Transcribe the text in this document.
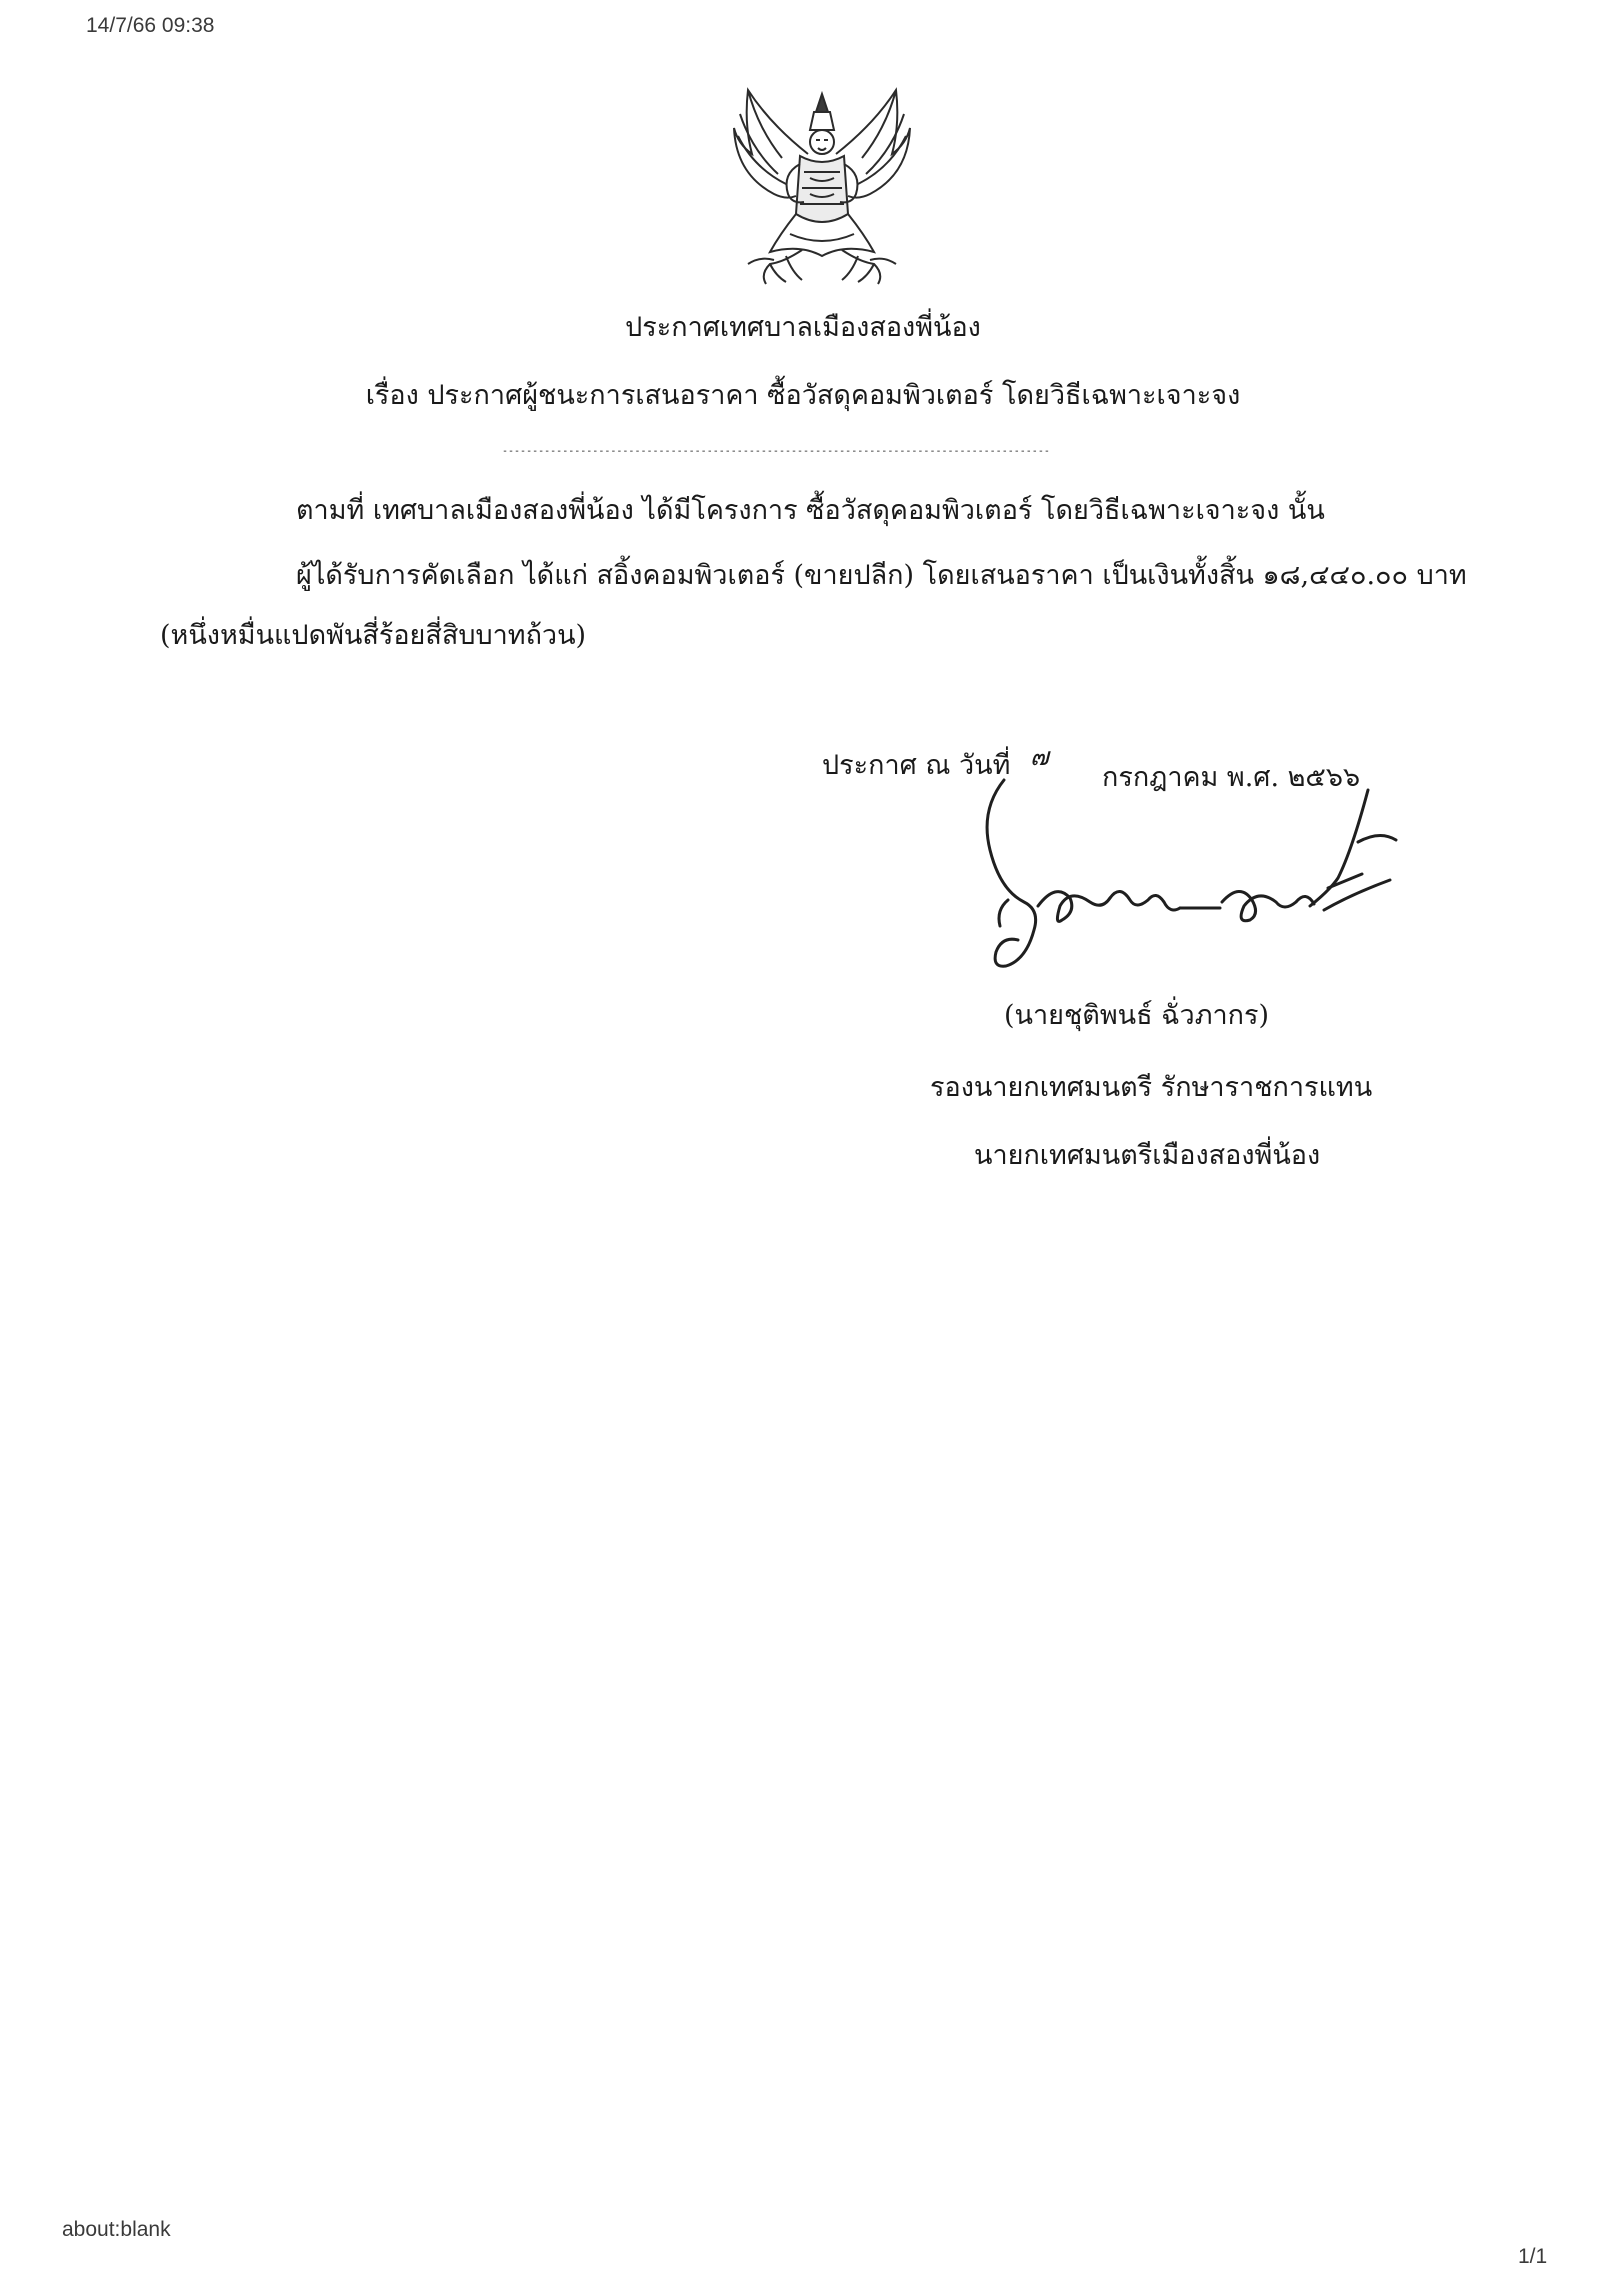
14/7/66 09:38
ประกาศเทศบาลเมืองสองพี่น้อง
เรื่อง ประกาศผู้ชนะการเสนอราคา ซื้อวัสดุคอมพิวเตอร์ โดยวิธีเฉพาะเจาะจง
-------------------------------------------------------------------------------------------
ตามที่ เทศบาลเมืองสองพี่น้อง ได้มีโครงการ ซื้อวัสดุคอมพิวเตอร์ โดยวิธีเฉพาะเจาะจง นั้น
ผู้ได้รับการคัดเลือก ได้แก่ สอิ้งคอมพิวเตอร์ (ขายปลีก) โดยเสนอราคา เป็นเงินทั้งสิ้น ๑๘,๔๔๐.๐๐ บาท
(หนึ่งหมื่นแปดพันสี่ร้อยสี่สิบบาทถ้วน)
ประกาศ ณ วันที่ ๗
กรกฎาคม พ.ศ. ๒๕๖๖
(นายชุติพนธ์ ฉั่วภากร)
รองนายกเทศมนตรี รักษาราชการแทน
นายกเทศมนตรีเมืองสองพี่น้อง
about:blank
1/1
